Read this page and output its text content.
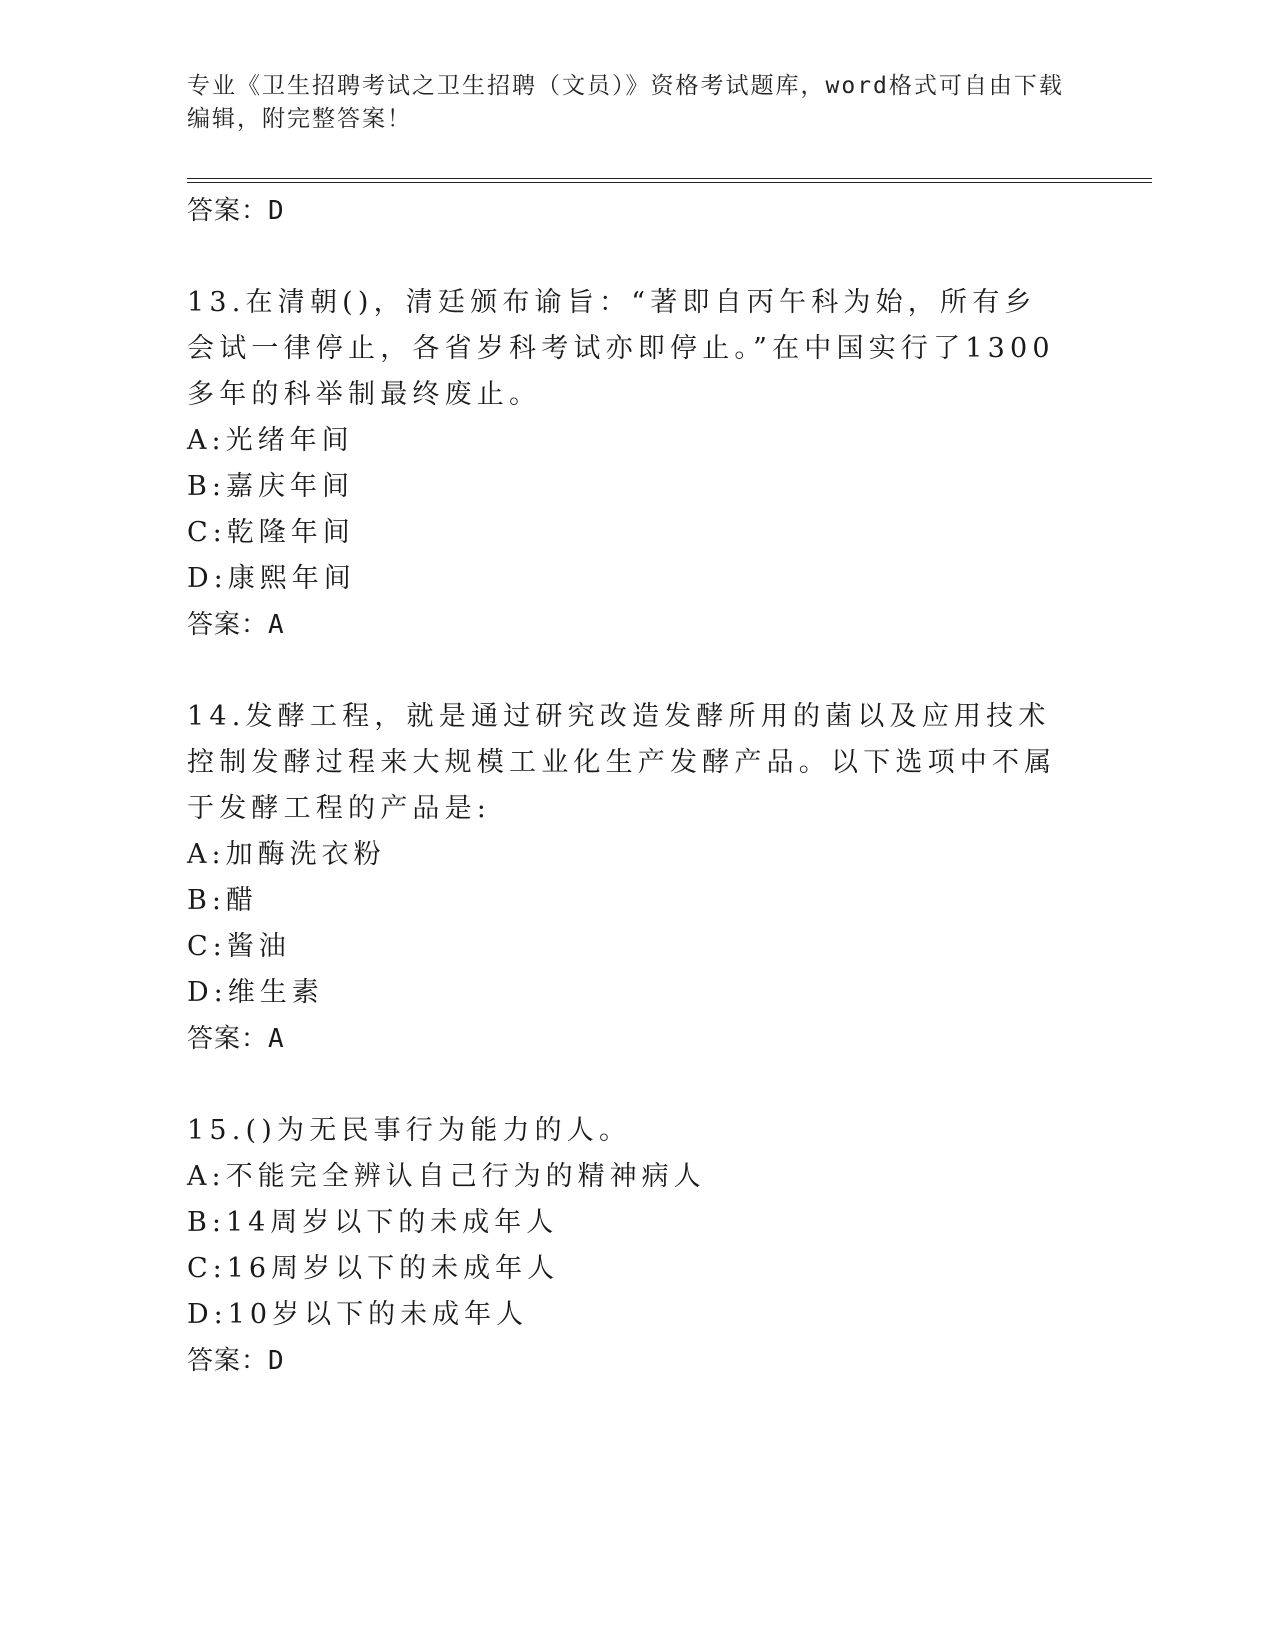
专业《卫生招聘考试之卫生招聘（文员）》资格考试题库，word格式可自由下载编辑，附完整答案！

答案：D

13.在清朝()，清廷颁布谕旨：“著即自丙午科为始，所有乡会试一律停止，各省岁科考试亦即停止。”在中国实行了1300多年的科举制最终废止。

A:光绪年间

B:嘉庆年间

C:乾隆年间

D:康熙年间

答案：A

14.发酵工程，就是通过研究改造发酵所用的菌以及应用技术控制发酵过程来大规模工业化生产发酵产品。以下选项中不属于发酵工程的产品是:

A:加酶洗衣粉

B:醋

C:酱油

D:维生素

答案：A

15.()为无民事行为能力的人。

A:不能完全辨认自己行为的精神病人

B:14周岁以下的未成年人

C:16周岁以下的未成年人

D:10岁以下的未成年人

答案：D
